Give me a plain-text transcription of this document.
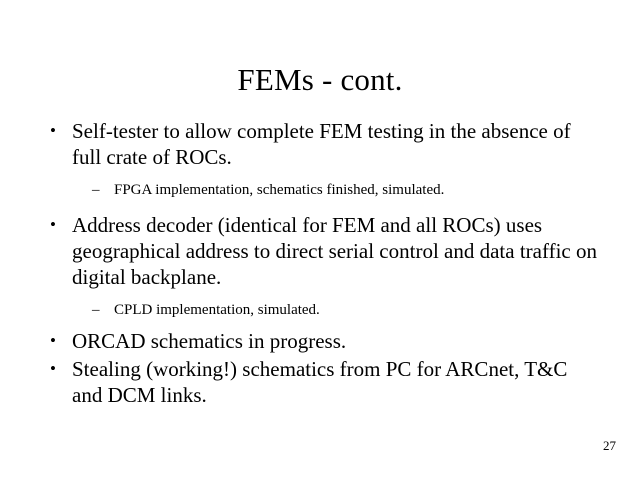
FEMs - cont.
• Self-tester to allow complete FEM testing in the absence of full crate of ROCs.
– FPGA implementation, schematics finished, simulated.
• Address decoder (identical for FEM and all ROCs) uses geographical address to direct serial control and data traffic on digital backplane.
– CPLD implementation, simulated.
• ORCAD schematics in progress.
• Stealing (working!) schematics from PC for ARCnet, T&C and DCM links.
27
